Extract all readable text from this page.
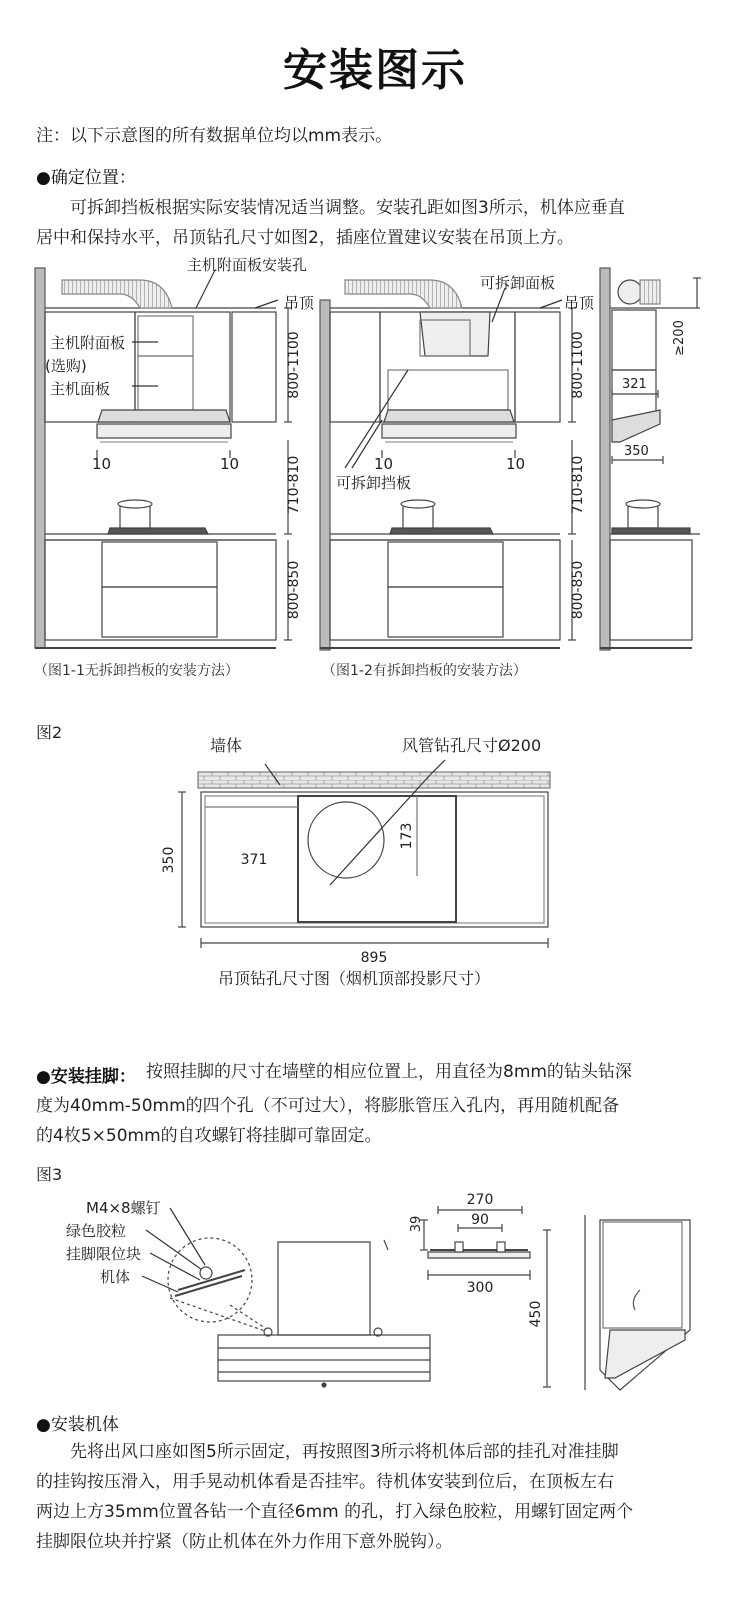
安装图示
注：以下示意图的所有数据单位均以mm表示。
●确定位置：
可拆卸挡板根据实际安装情况适当调整。安装孔距如图3所示，机体应垂直
居中和保持水平，吊顶钻孔尺寸如图2，插座位置建议安装在吊顶上方。
800-1100
710-810
800-850
800-1100
710-810
800-850
≥200
321
350
主机附面板安装孔
吊顶
主机附面板
(选购)
主机面板
10	10
（图1-1无拆卸挡板的安装方法）
可拆卸面板
吊顶
10	10
可拆卸挡板
（图1-2有拆卸挡板的安装方法）
图2
墙体	风管钻孔尺寸Ø200
371
173
350
895
吊顶钻孔尺寸图（烟机顶部投影尺寸）
●安装挂脚： 按照挂脚的尺寸在墙壁的相应位置上，用直径为8mm的钻头钻深
度为40mm-50mm的四个孔（不可过大），将膨胀管压入孔内，再用随机配备
的4枚5×50mm的自攻螺钉将挂脚可靠固定。
图3
M4×8螺钉
绿色胶粒
挂脚限位块
机体
270
90
39
300
450
●安装机体
先将出风口座如图5所示固定，再按照图3所示将机体后部的挂孔对准挂脚
的挂钩按压滑入，用手晃动机体看是否挂牢。待机体安装到位后，在顶板左右
两边上方35mm位置各钻一个直径6mm 的孔，打入绿色胶粒，用螺钉固定两个
挂脚限位块并拧紧（防止机体在外力作用下意外脱钩）。
